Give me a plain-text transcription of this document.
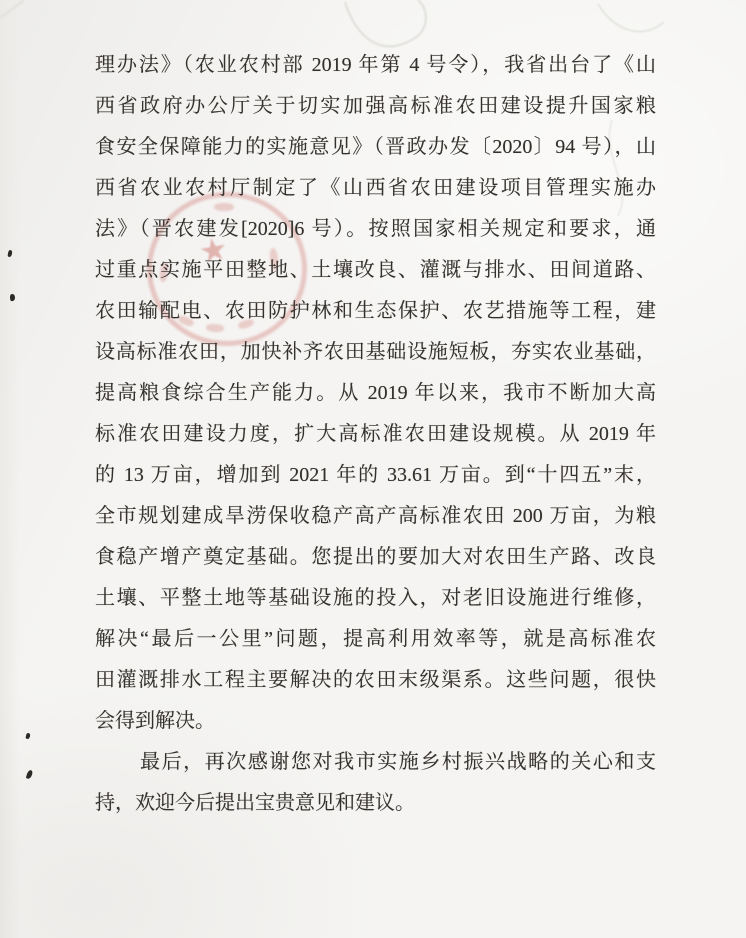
★
理办法》（农业农村部 2019 年第 4 号令），我省出台了《山
西省政府办公厅关于切实加强高标准农田建设提升国家粮
食安全保障能力的实施意见》（晋政办发〔2020〕94 号），山
西省农业农村厅制定了《山西省农田建设项目管理实施办
法》（晋农建发[2020]6 号）。按照国家相关规定和要求，通
过重点实施平田整地、土壤改良、灌溉与排水、田间道路、
农田输配电、农田防护林和生态保护、农艺措施等工程，建
设高标准农田，加快补齐农田基础设施短板，夯实农业基础，
提高粮食综合生产能力。从 2019 年以来，我市不断加大高
标准农田建设力度，扩大高标准农田建设规模。从 2019 年
的 13 万亩，增加到 2021 年的 33.61 万亩。到“十四五”末，
全市规划建成旱涝保收稳产高产高标准农田 200 万亩，为粮
食稳产增产奠定基础。您提出的要加大对农田生产路、改良
土壤、平整土地等基础设施的投入，对老旧设施进行维修，
解决“最后一公里”问题，提高利用效率等，就是高标准农
田灌溉排水工程主要解决的农田末级渠系。这些问题，很快
会得到解决。
最后，再次感谢您对我市实施乡村振兴战略的关心和支
持，欢迎今后提出宝贵意见和建议。
